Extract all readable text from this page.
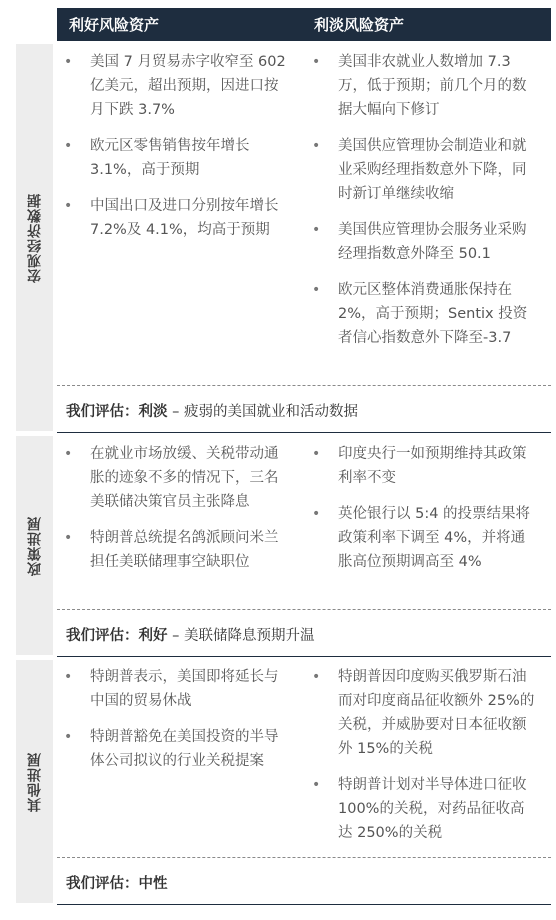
利好风险资产	利淡风险资产
宏观经济数据
• 美国 7 月贸易赤字收窄至 602 亿美元，超出预期，因进口按月下跌 3.7%
• 欧元区零售销售按年增长 3.1%，高于预期
• 中国出口及进口分别按年增长 7.2%及 4.1%，均高于预期
• 美国非农就业人数增加 7.3 万，低于预期；前几个月的数据大幅向下修订
• 美国供应管理协会制造业和就业采购经理指数意外下降，同时新订单继续收缩
• 美国供应管理协会服务业采购经理指数意外降至 50.1
• 欧元区整体消费通胀保持在 2%，高于预期；Sentix 投资者信心指数意外下降至-3.7
我们评估：利淡 – 疲弱的美国就业和活动数据
政策进展
• 在就业市场放缓、关税带动通胀的迹象不多的情况下，三名美联储决策官员主张降息
• 特朗普总统提名鸽派顾问米兰担任美联储理事空缺职位
• 印度央行一如预期维持其政策利率不变
• 英伦银行以 5:4 的投票结果将政策利率下调至 4%，并将通胀高位预期调高至 4%
我们评估：利好 – 美联储降息预期升温
其他进展
• 特朗普表示，美国即将延长与中国的贸易休战
• 特朗普豁免在美国投资的半导体公司拟议的行业关税提案
• 特朗普因印度购买俄罗斯石油而对印度商品征收额外 25%的关税，并威胁要对日本征收额外 15%的关税
• 特朗普计划对半导体进口征收 100%的关税，对药品征收高达 250%的关税
我们评估：中性
